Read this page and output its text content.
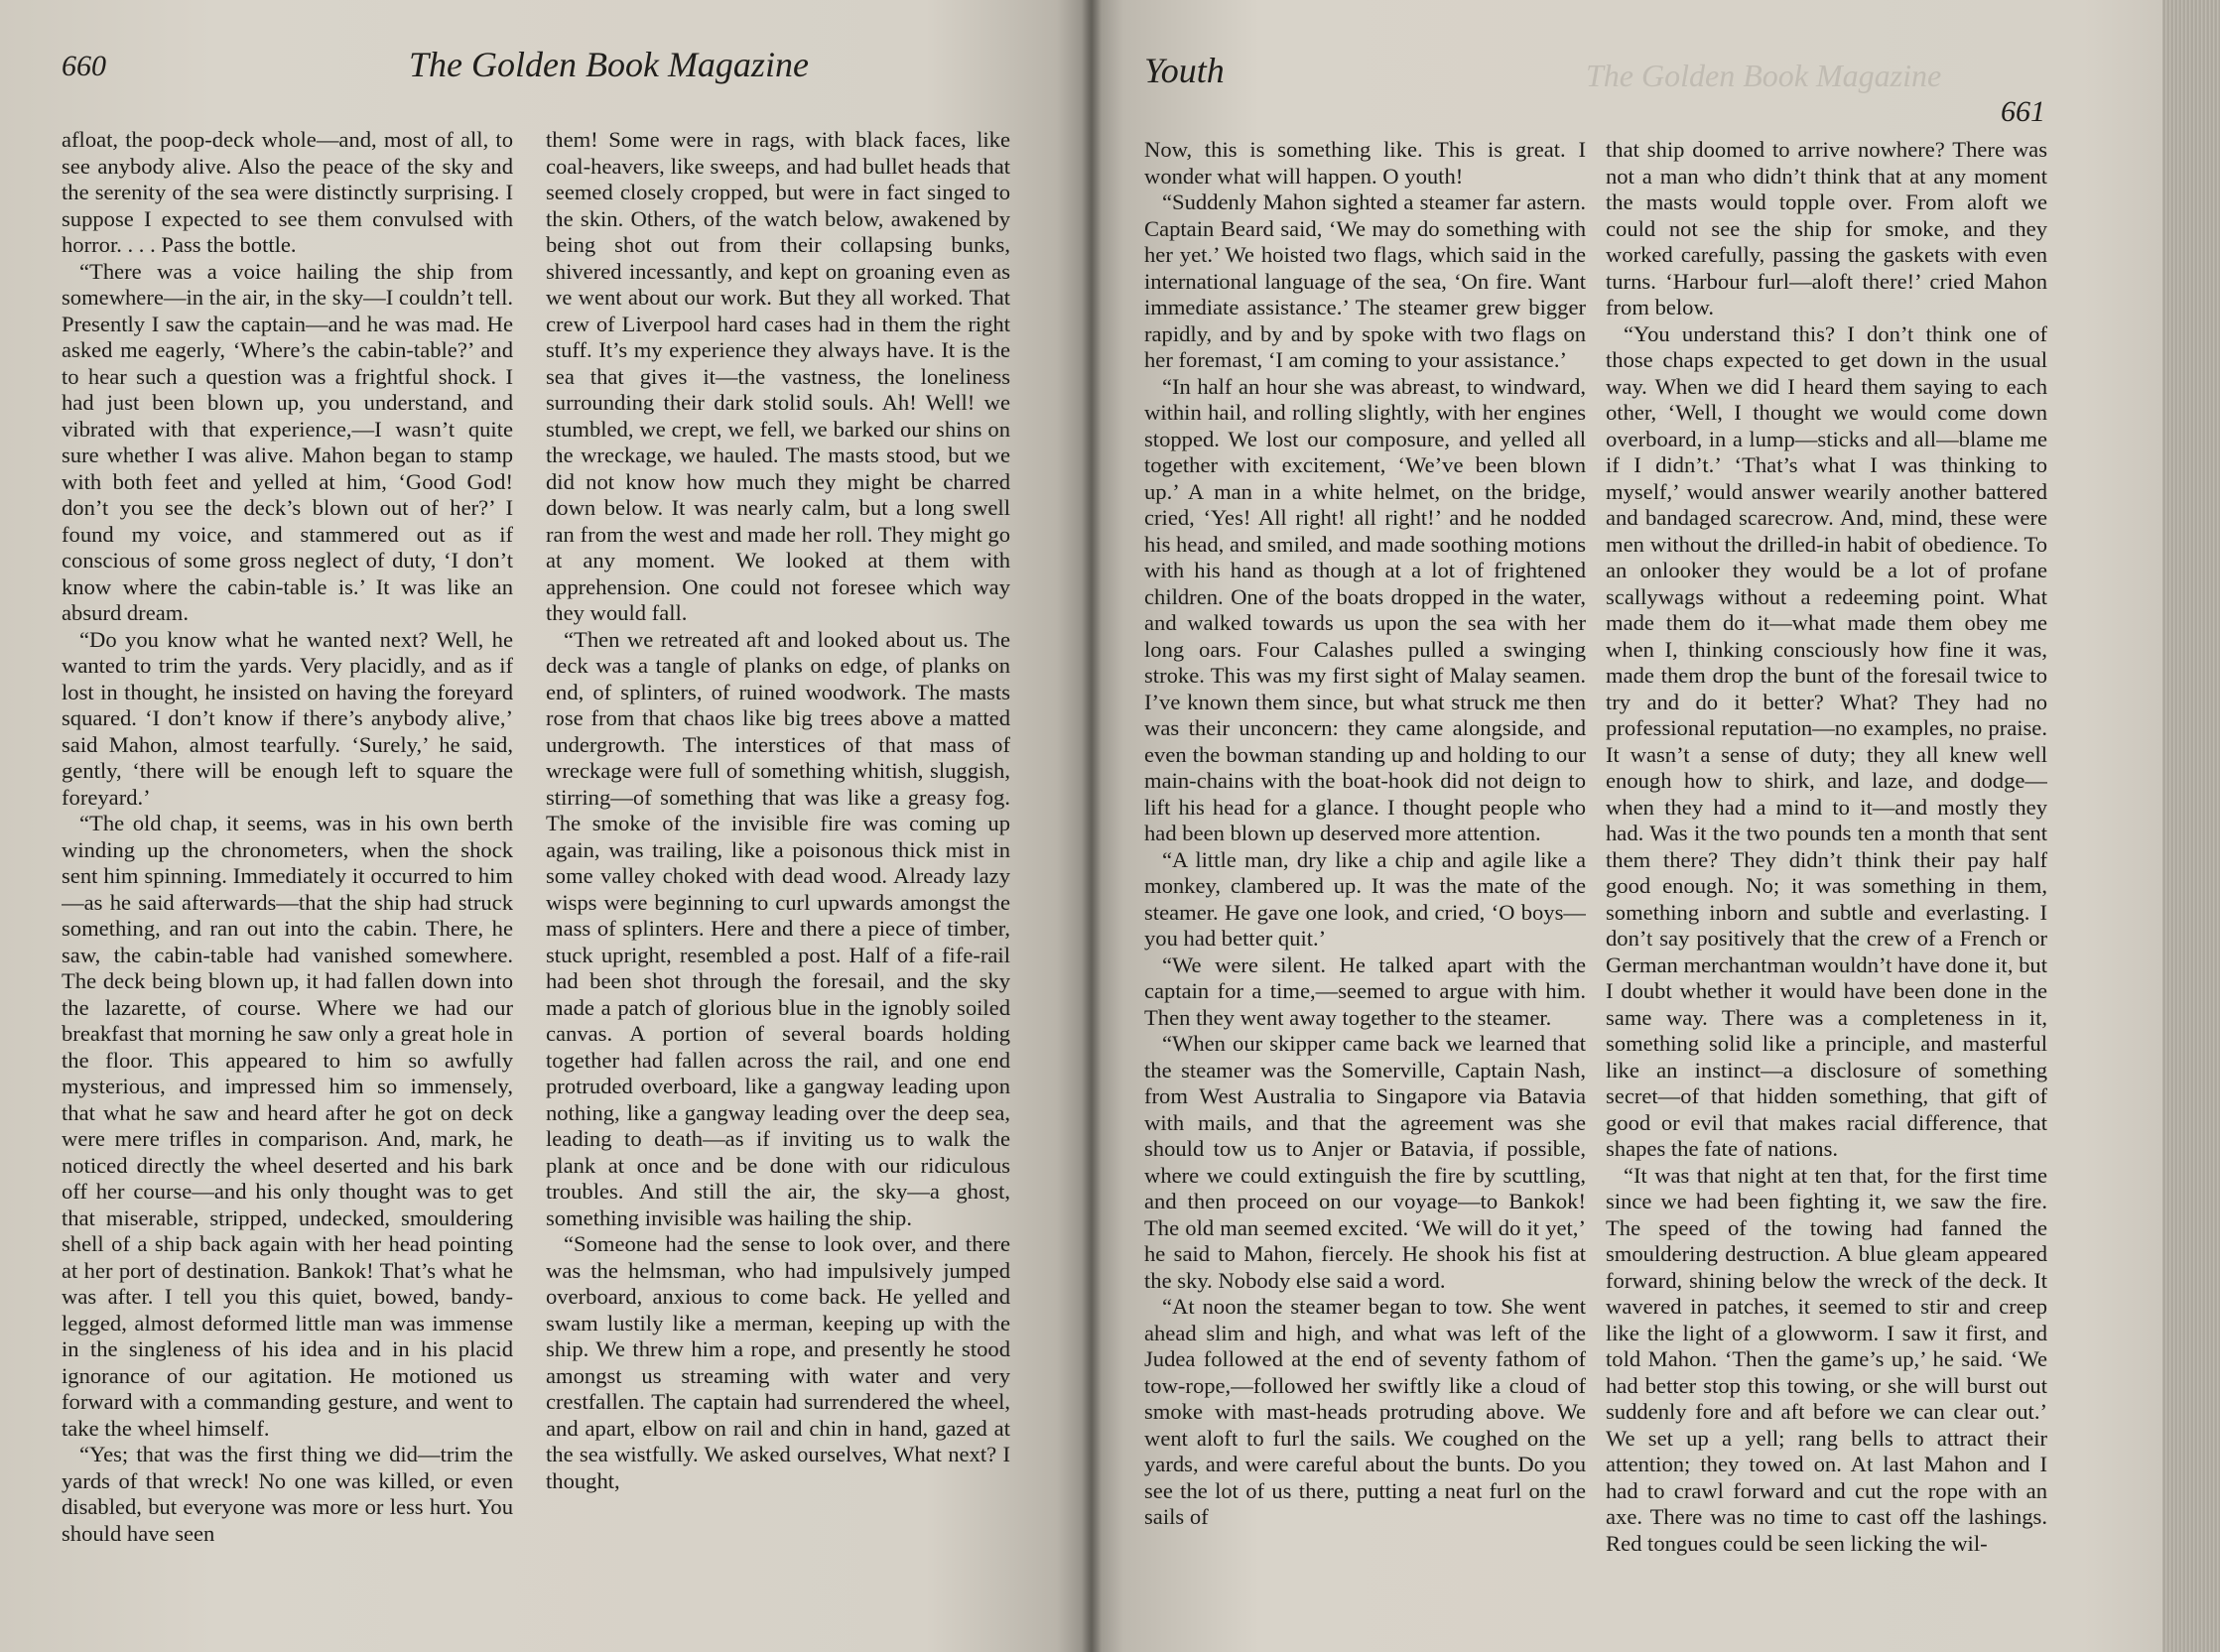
660	The Golden Book Magazine

afloat, the poop-deck whole—and, most of all, to see anybody alive. Also the peace of the sky and the serenity of the sea were distinctly surprising. I suppose I expected to see them convulsed with horror. . . . Pass the bottle.

“There was a voice hailing the ship from somewhere—in the air, in the sky—I couldn’t tell. Presently I saw the captain—and he was mad. He asked me eagerly, ‘Where’s the cabin-table?’ and to hear such a question was a frightful shock. I had just been blown up, you understand, and vibrated with that experience,—I wasn’t quite sure whether I was alive. Mahon began to stamp with both feet and yelled at him, ‘Good God! don’t you see the deck’s blown out of her?’ I found my voice, and stammered out as if conscious of some gross neglect of duty, ‘I don’t know where the cabin-table is.’ It was like an absurd dream.

“Do you know what he wanted next? Well, he wanted to trim the yards. Very placidly, and as if lost in thought, he insisted on having the foreyard squared. ‘I don’t know if there’s anybody alive,’ said Mahon, almost tearfully. ‘Surely,’ he said, gently, ‘there will be enough left to square the foreyard.’

“The old chap, it seems, was in his own berth winding up the chronometers, when the shock sent him spinning. Immediately it occurred to him—as he said afterwards—that the ship had struck something, and ran out into the cabin. There, he saw, the cabin-table had vanished somewhere. The deck being blown up, it had fallen down into the lazarette, of course. Where we had our breakfast that morning he saw only a great hole in the floor. This appeared to him so awfully mysterious, and impressed him so immensely, that what he saw and heard after he got on deck were mere trifles in comparison. And, mark, he noticed directly the wheel deserted and his bark off her course—and his only thought was to get that miserable, stripped, undecked, smouldering shell of a ship back again with her head pointing at her port of destination. Bankok! That’s what he was after. I tell you this quiet, bowed, bandy-legged, almost deformed little man was immense in the singleness of his idea and in his placid ignorance of our agitation. He motioned us forward with a commanding gesture, and went to take the wheel himself.

“Yes; that was the first thing we did—trim the yards of that wreck! No one was killed, or even disabled, but everyone was more or less hurt. You should have seen

them! Some were in rags, with black faces, like coal-heavers, like sweeps, and had bullet heads that seemed closely cropped, but were in fact singed to the skin. Others, of the watch below, awakened by being shot out from their collapsing bunks, shivered incessantly, and kept on groaning even as we went about our work. But they all worked. That crew of Liverpool hard cases had in them the right stuff. It’s my experience they always have. It is the sea that gives it—the vastness, the loneliness surrounding their dark stolid souls. Ah! Well! we stumbled, we crept, we fell, we barked our shins on the wreckage, we hauled. The masts stood, but we did not know how much they might be charred down below. It was nearly calm, but a long swell ran from the west and made her roll. They might go at any moment. We looked at them with apprehension. One could not foresee which way they would fall.

“Then we retreated aft and looked about us. The deck was a tangle of planks on edge, of planks on end, of splinters, of ruined woodwork. The masts rose from that chaos like big trees above a matted undergrowth. The interstices of that mass of wreckage were full of something whitish, sluggish, stirring—of something that was like a greasy fog. The smoke of the invisible fire was coming up again, was trailing, like a poisonous thick mist in some valley choked with dead wood. Already lazy wisps were beginning to curl upwards amongst the mass of splinters. Here and there a piece of timber, stuck upright, resembled a post. Half of a fife-rail had been shot through the foresail, and the sky made a patch of glorious blue in the ignobly soiled canvas. A portion of several boards holding together had fallen across the rail, and one end protruded overboard, like a gangway leading upon nothing, like a gangway leading over the deep sea, leading to death—as if inviting us to walk the plank at once and be done with our ridiculous troubles. And still the air, the sky—a ghost, something invisible was hailing the ship.

“Someone had the sense to look over, and there was the helmsman, who had impulsively jumped overboard, anxious to come back. He yelled and swam lustily like a merman, keeping up with the ship. We threw him a rope, and presently he stood amongst us streaming with water and very crestfallen. The captain had surrendered the wheel, and apart, elbow on rail and chin in hand, gazed at the sea wistfully. We asked ourselves, What next? I thought,

Youth
661

Now, this is something like. This is great. I wonder what will happen. O youth!

“Suddenly Mahon sighted a steamer far astern. Captain Beard said, ‘We may do something with her yet.’ We hoisted two flags, which said in the international language of the sea, ‘On fire. Want immediate assistance.’ The steamer grew bigger rapidly, and by and by spoke with two flags on her foremast, ‘I am coming to your assistance.’

“In half an hour she was abreast, to windward, within hail, and rolling slightly, with her engines stopped. We lost our composure, and yelled all together with excitement, ‘We’ve been blown up.’ A man in a white helmet, on the bridge, cried, ‘Yes! All right! all right!’ and he nodded his head, and smiled, and made soothing motions with his hand as though at a lot of frightened children. One of the boats dropped in the water, and walked towards us upon the sea with her long oars. Four Calashes pulled a swinging stroke. This was my first sight of Malay seamen. I’ve known them since, but what struck me then was their unconcern: they came alongside, and even the bowman standing up and holding to our main-chains with the boat-hook did not deign to lift his head for a glance. I thought people who had been blown up deserved more attention.

“A little man, dry like a chip and agile like a monkey, clambered up. It was the mate of the steamer. He gave one look, and cried, ‘O boys—you had better quit.’

“We were silent. He talked apart with the captain for a time,—seemed to argue with him. Then they went away together to the steamer.

“When our skipper came back we learned that the steamer was the Somerville, Captain Nash, from West Australia to Singapore via Batavia with mails, and that the agreement was she should tow us to Anjer or Batavia, if possible, where we could extinguish the fire by scuttling, and then proceed on our voyage—to Bankok! The old man seemed excited. ‘We will do it yet,’ he said to Mahon, fiercely. He shook his fist at the sky. Nobody else said a word.

“At noon the steamer began to tow. She went ahead slim and high, and what was left of the Judea followed at the end of seventy fathom of tow-rope,—followed her swiftly like a cloud of smoke with mast-heads protruding above. We went aloft to furl the sails. We coughed on the yards, and were careful about the bunts. Do you see the lot of us there, putting a neat furl on the sails of

that ship doomed to arrive nowhere? There was not a man who didn’t think that at any moment the masts would topple over. From aloft we could not see the ship for smoke, and they worked carefully, passing the gaskets with even turns. ‘Harbour furl—aloft there!’ cried Mahon from below.

“You understand this? I don’t think one of those chaps expected to get down in the usual way. When we did I heard them saying to each other, ‘Well, I thought we would come down overboard, in a lump—sticks and all—blame me if I didn’t.’ ‘That’s what I was thinking to myself,’ would answer wearily another battered and bandaged scarecrow. And, mind, these were men without the drilled-in habit of obedience. To an onlooker they would be a lot of profane scallywags without a redeeming point. What made them do it—what made them obey me when I, thinking consciously how fine it was, made them drop the bunt of the foresail twice to try and do it better? What? They had no professional reputation—no examples, no praise. It wasn’t a sense of duty; they all knew well enough how to shirk, and laze, and dodge—when they had a mind to it—and mostly they had. Was it the two pounds ten a month that sent them there? They didn’t think their pay half good enough. No; it was something in them, something inborn and subtle and everlasting. I don’t say positively that the crew of a French or German merchantman wouldn’t have done it, but I doubt whether it would have been done in the same way. There was a completeness in it, something solid like a principle, and masterful like an instinct—a disclosure of something secret—of that hidden something, that gift of good or evil that makes racial difference, that shapes the fate of nations.

“It was that night at ten that, for the first time since we had been fighting it, we saw the fire. The speed of the towing had fanned the smouldering destruction. A blue gleam appeared forward, shining below the wreck of the deck. It wavered in patches, it seemed to stir and creep like the light of a glowworm. I saw it first, and told Mahon. ‘Then the game’s up,’ he said. ‘We had better stop this towing, or she will burst out suddenly fore and aft before we can clear out.’ We set up a yell; rang bells to attract their attention; they towed on. At last Mahon and I had to crawl forward and cut the rope with an axe. There was no time to cast off the lashings. Red tongues could be seen licking the wil-

The Golden Book Magazine
